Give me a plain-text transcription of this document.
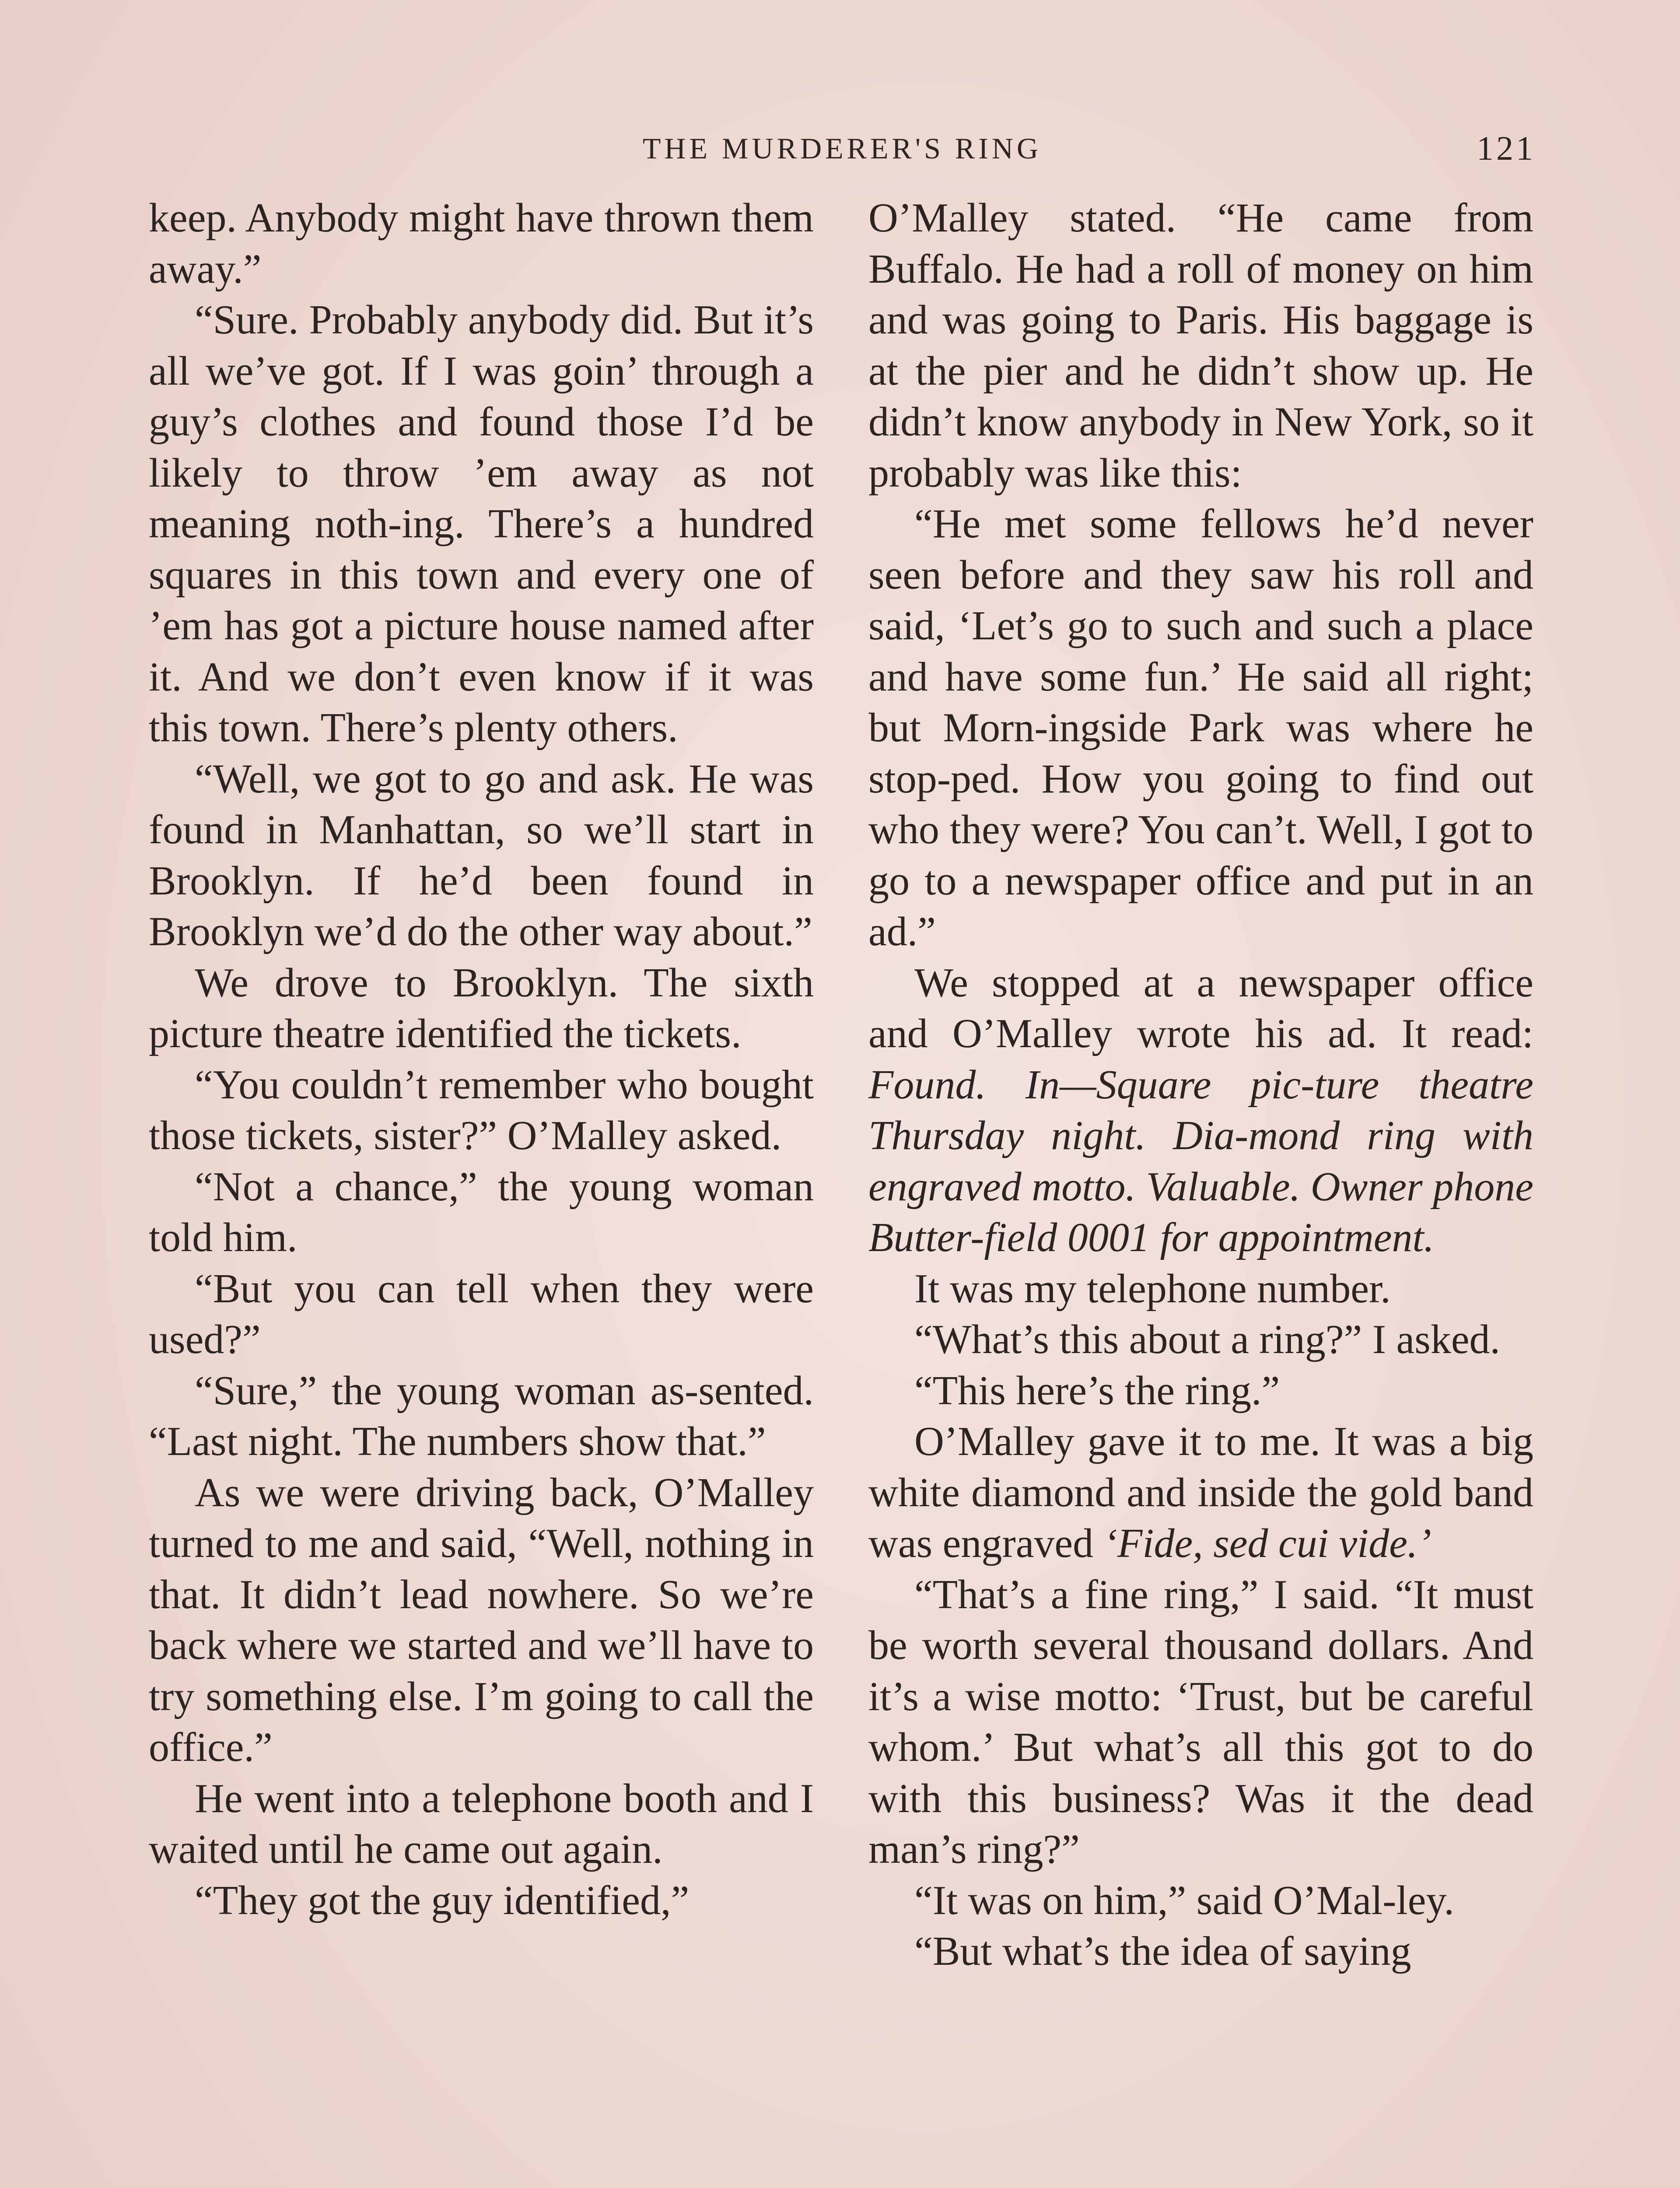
THE MURDERER'S RING	121

keep. Anybody might have thrown them away.”

“Sure. Probably anybody did. But it’s all we’ve got. If I was goin’ through a guy’s clothes and found those I’d be likely to throw ’em away as not meaning noth-ing. There’s a hundred squares in this town and every one of ’em has got a picture house named after it. And we don’t even know if it was this town. There’s plenty others.

“Well, we got to go and ask. He was found in Manhattan, so we’ll start in Brooklyn. If he’d been found in Brooklyn we’d do the other way about.”

We drove to Brooklyn. The sixth picture theatre identified the tickets.

“You couldn’t remember who bought those tickets, sister?” O’Malley asked.

“Not a chance,” the young woman told him.

“But you can tell when they were used?”

“Sure,” the young woman as-sented. “Last night. The numbers show that.”

As we were driving back, O’Malley turned to me and said, “Well, nothing in that. It didn’t lead nowhere. So we’re back where we started and we’ll have to try something else. I’m going to call the office.”

He went into a telephone booth and I waited until he came out again.

“They got the guy identified,”

O’Malley stated. “He came from Buffalo. He had a roll of money on him and was going to Paris. His baggage is at the pier and he didn’t show up. He didn’t know anybody in New York, so it probably was like this:

“He met some fellows he’d never seen before and they saw his roll and said, ‘Let’s go to such and such a place and have some fun.’ He said all right; but Morn-ingside Park was where he stop-ped. How you going to find out who they were? You can’t. Well, I got to go to a newspaper office and put in an ad.”

We stopped at a newspaper office and O’Malley wrote his ad. It read: Found. In—Square pic-ture theatre Thursday night. Dia-mond ring with engraved motto. Valuable. Owner phone Butter-field 0001 for appointment.

It was my telephone number.

“What’s this about a ring?” I asked.

“This here’s the ring.”

O’Malley gave it to me. It was a big white diamond and inside the gold band was engraved ‘Fide, sed cui vide.’

“That’s a fine ring,” I said. “It must be worth several thousand dollars. And it’s a wise motto: ‘Trust, but be careful whom.’ But what’s all this got to do with this business? Was it the dead man’s ring?”

“It was on him,” said O’Mal-ley.

“But what’s the idea of saying
